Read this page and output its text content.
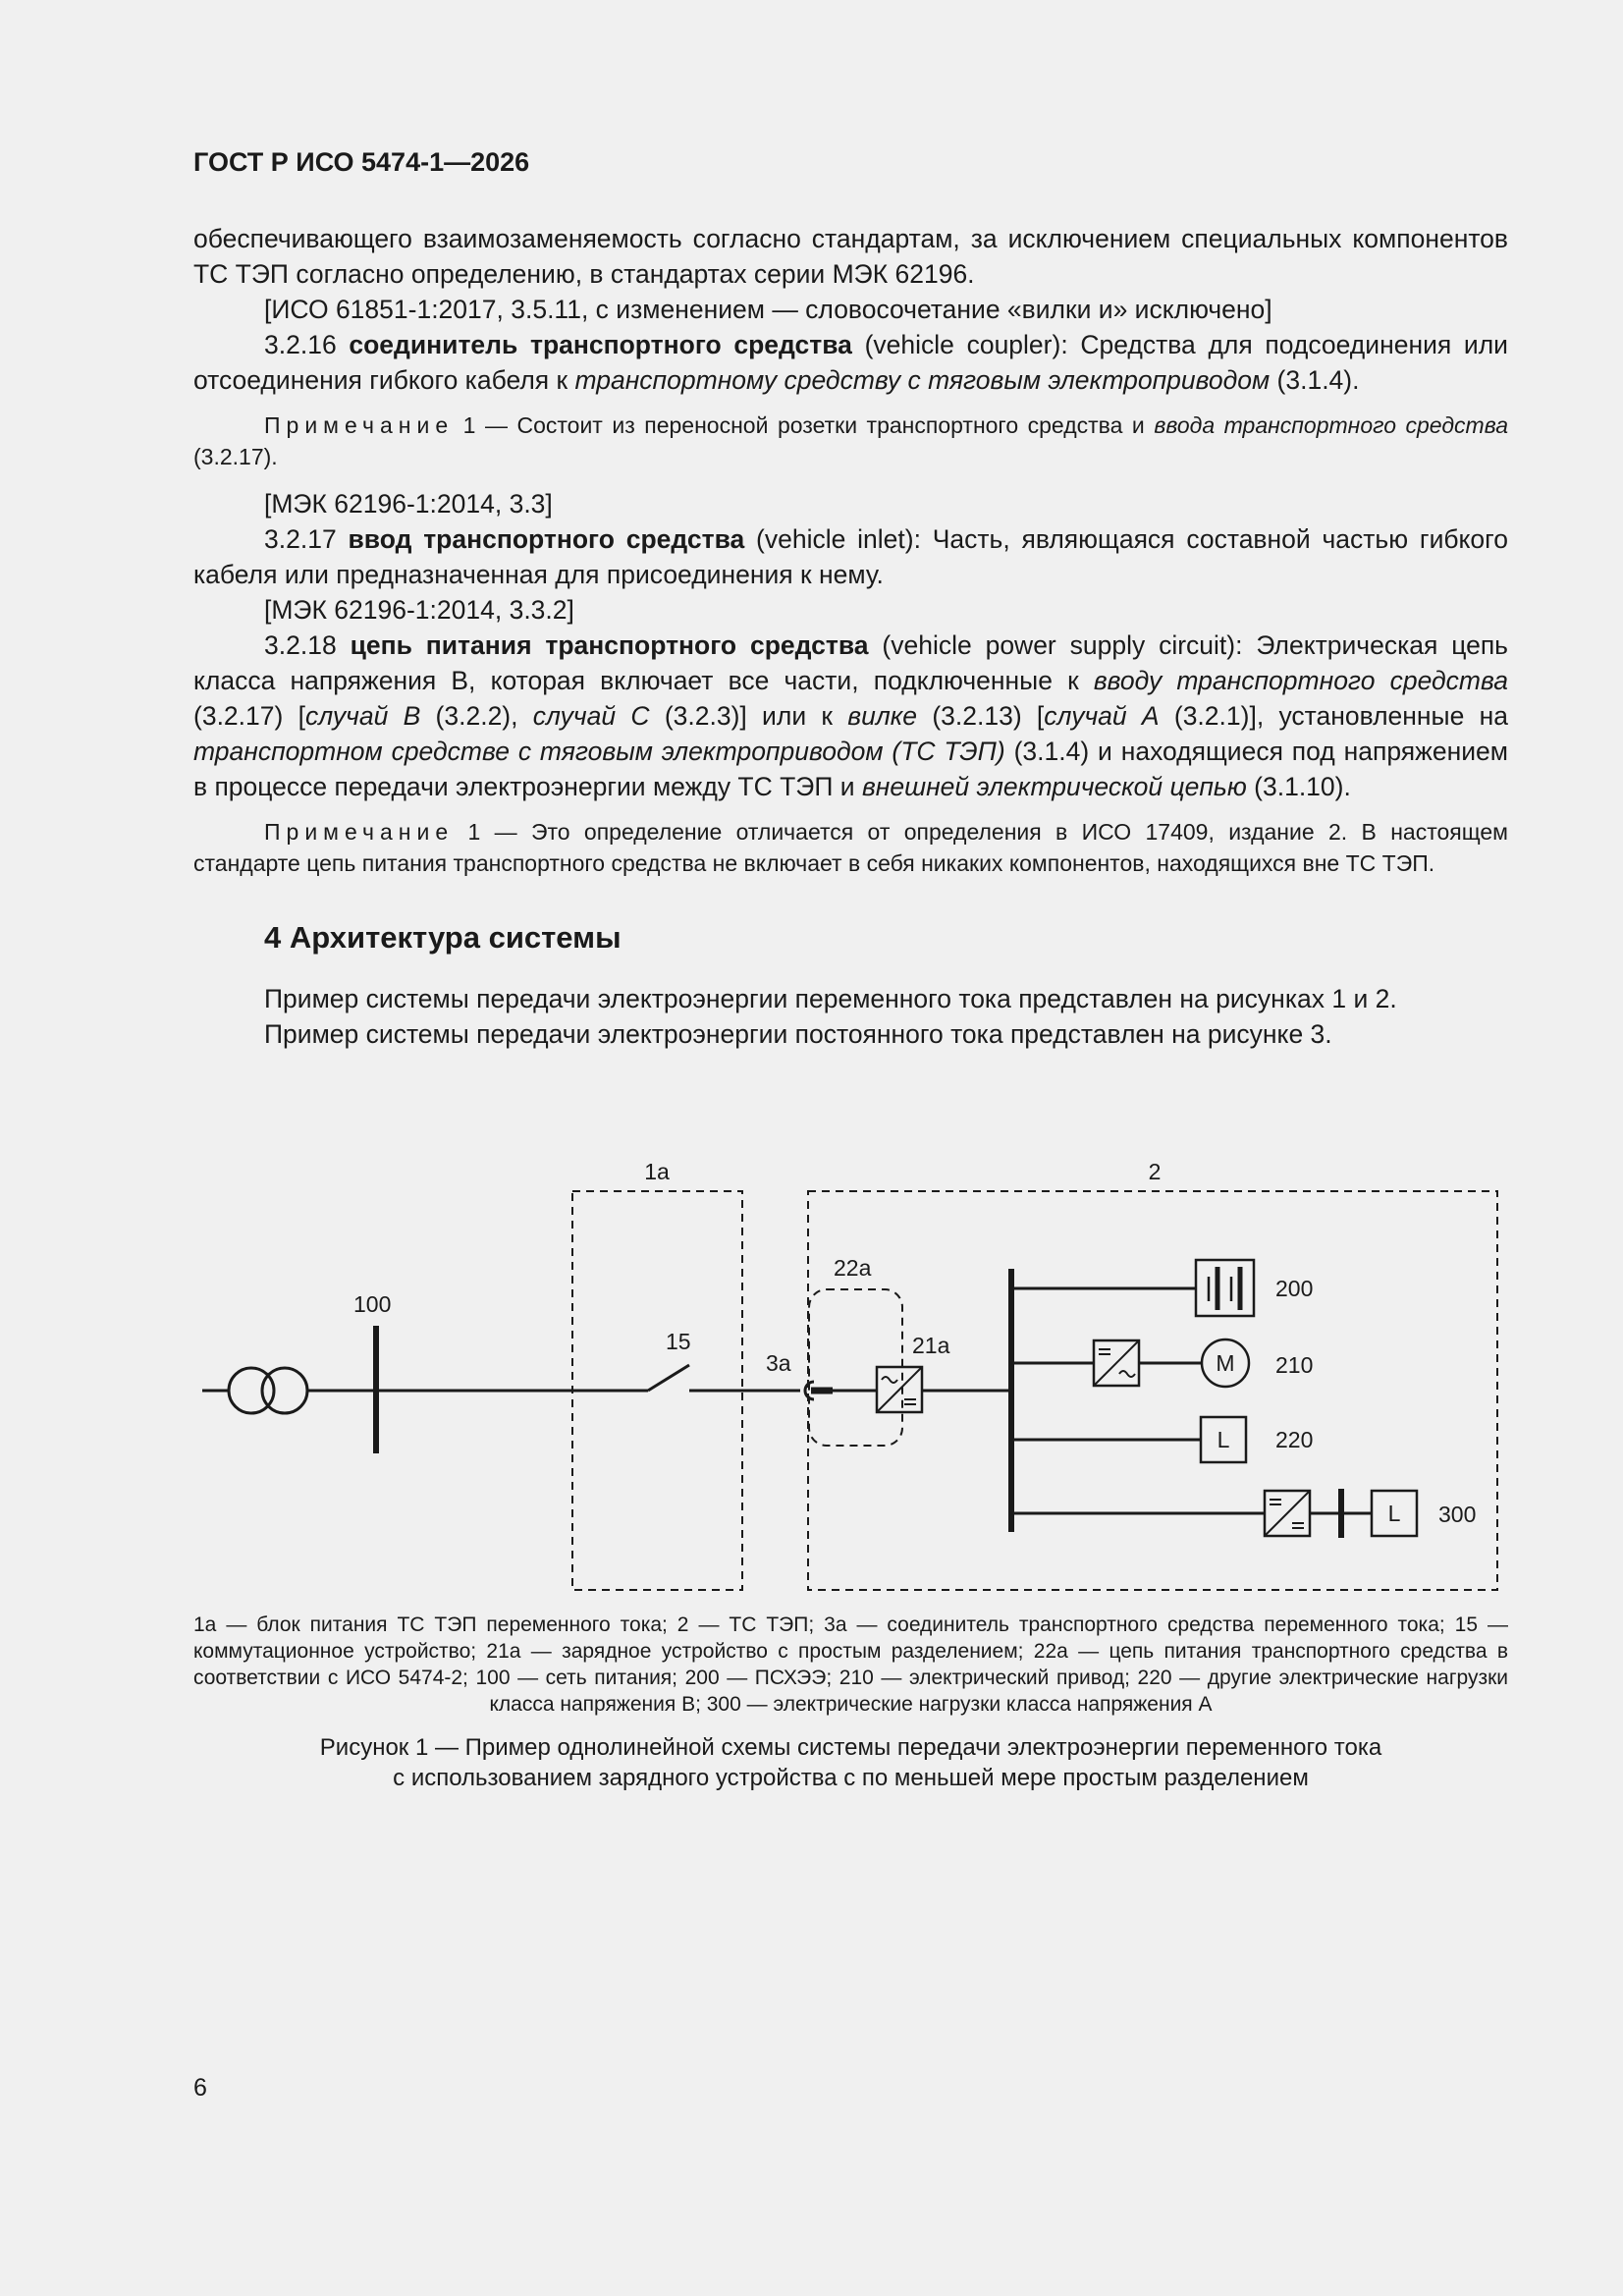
ГОСТ Р ИСО 5474-1—2026

обеспечивающего взаимозаменяемость согласно стандартам, за исключением специальных компонентов ТС ТЭП согласно определению, в стандартах серии МЭК 62196.

[ИСО 61851-1:2017, 3.5.11, с изменением — словосочетание «вилки и» исключено]

3.2.16 соединитель транспортного средства (vehicle coupler): Средства для подсоединения или отсоединения гибкого кабеля к транспортному средству с тяговым электроприводом (3.1.4).

Примечание 1 — Состоит из переносной розетки транспортного средства и ввода транспортного средства (3.2.17).

[МЭК 62196-1:2014, 3.3]

3.2.17 ввод транспортного средства (vehicle inlet): Часть, являющаяся составной частью гибкого кабеля или предназначенная для присоединения к нему.

[МЭК 62196-1:2014, 3.3.2]

3.2.18 цепь питания транспортного средства (vehicle power supply circuit): Электрическая цепь класса напряжения В, которая включает все части, подключенные к вводу транспортного средства (3.2.17) [случай B (3.2.2), случай C (3.2.3)] или к вилке (3.2.13) [случай А (3.2.1)], установленные на транспортном средстве с тяговым электроприводом (ТС ТЭП) (3.1.4) и находящиеся под напряжением в процессе передачи электроэнергии между ТС ТЭП и внешней электрической цепью (3.1.10).

Примечание 1 — Это определение отличается от определения в ИСО 17409, издание 2. В настоящем стандарте цепь питания транспортного средства не включает в себя никаких компонентов, находящихся вне ТС ТЭП.

4 Архитектура системы

Пример системы передачи электроэнергии переменного тока представлен на рисунках 1 и 2.

Пример системы передачи электроэнергии постоянного тока представлен на рисунке 3.

1a	2
100
15
3a
22a
21a
200
210
220
300
M
L
L
1a — блок питания ТС ТЭП переменного тока; 2 — ТС ТЭП; 3a — соединитель транспортного средства переменного тока; 15 — коммутационное устройство; 21a — зарядное устройство с простым разделением; 22a — цепь питания транспортного средства в соответствии с ИСО 5474-2; 100 — сеть питания; 200 — ПСХЭЭ; 210 — электрический привод; 220 — другие электрические нагрузки класса напряжения В; 300 — электрические нагрузки класса напряжения А
Рисунок 1 — Пример однолинейной схемы системы передачи электроэнергии переменного тока
с использованием зарядного устройства с по меньшей мере простым разделением
6
